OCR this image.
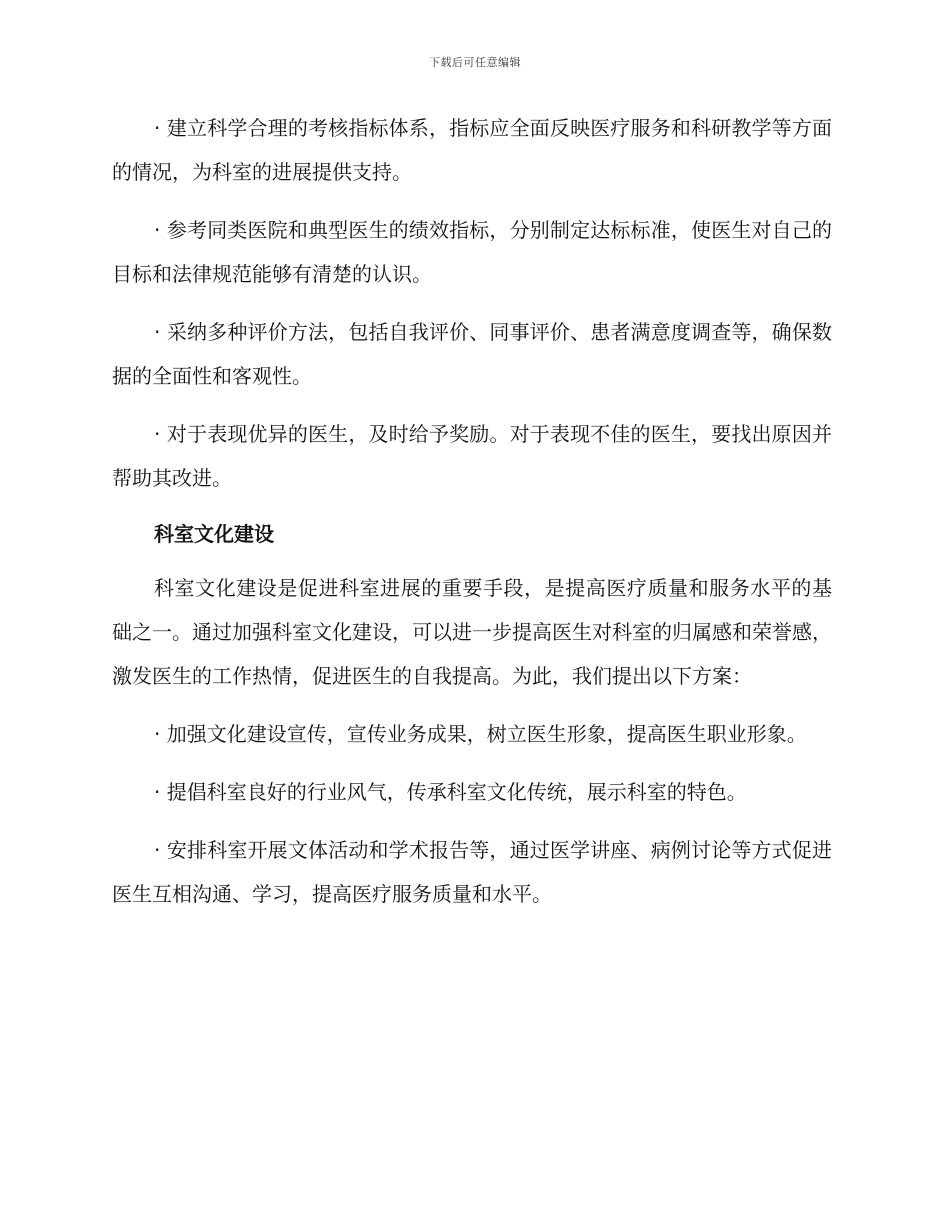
下载后可任意编辑

· 建立科学合理的考核指标体系，指标应全面反映医疗服务和科研教学等方面的情况，为科室的进展提供支持。

· 参考同类医院和典型医生的绩效指标，分别制定达标标准，使医生对自己的目标和法律规范能够有清楚的认识。

· 采纳多种评价方法，包括自我评价、同事评价、患者满意度调查等，确保数据的全面性和客观性。

· 对于表现优异的医生，及时给予奖励。对于表现不佳的医生，要找出原因并帮助其改进。

科室文化建设

科室文化建设是促进科室进展的重要手段，是提高医疗质量和服务水平的基础之一。通过加强科室文化建设，可以进一步提高医生对科室的归属感和荣誉感，激发医生的工作热情，促进医生的自我提高。为此，我们提出以下方案：

· 加强文化建设宣传，宣传业务成果，树立医生形象，提高医生职业形象。

· 提倡科室良好的行业风气，传承科室文化传统，展示科室的特色。

· 安排科室开展文体活动和学术报告等，通过医学讲座、病例讨论等方式促进医生互相沟通、学习，提高医疗服务质量和水平。
